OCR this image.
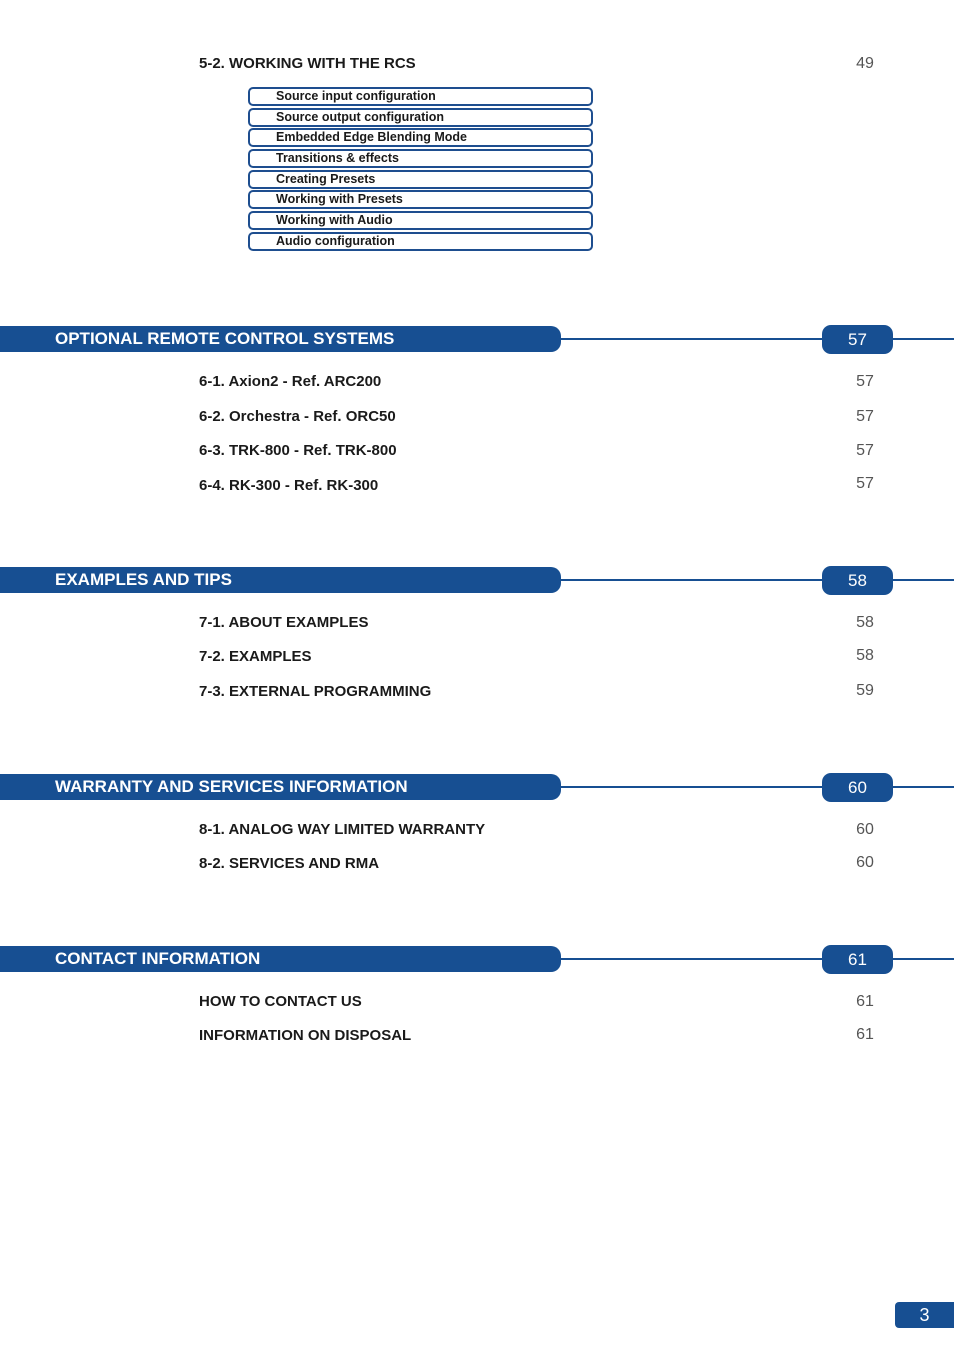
5-2. WORKING WITH THE RCS	49
Source input configuration
Source output configuration
Embedded Edge Blending Mode
Transitions & effects
Creating Presets
Working with Presets
Working with Audio
Audio configuration
OPTIONAL REMOTE CONTROL SYSTEMS	57
6-1. Axion2 - Ref. ARC200	57
6-2. Orchestra - Ref. ORC50	57
6-3. TRK-800 - Ref. TRK-800	57
6-4. RK-300 - Ref. RK-300	57
EXAMPLES AND TIPS	58
7-1. ABOUT EXAMPLES	58
7-2. EXAMPLES	58
7-3. EXTERNAL PROGRAMMING	59
WARRANTY AND SERVICES INFORMATION	60
8-1. ANALOG WAY LIMITED WARRANTY	60
8-2. SERVICES AND RMA	60
CONTACT INFORMATION	61
HOW TO CONTACT US	61
INFORMATION ON DISPOSAL	61
3
